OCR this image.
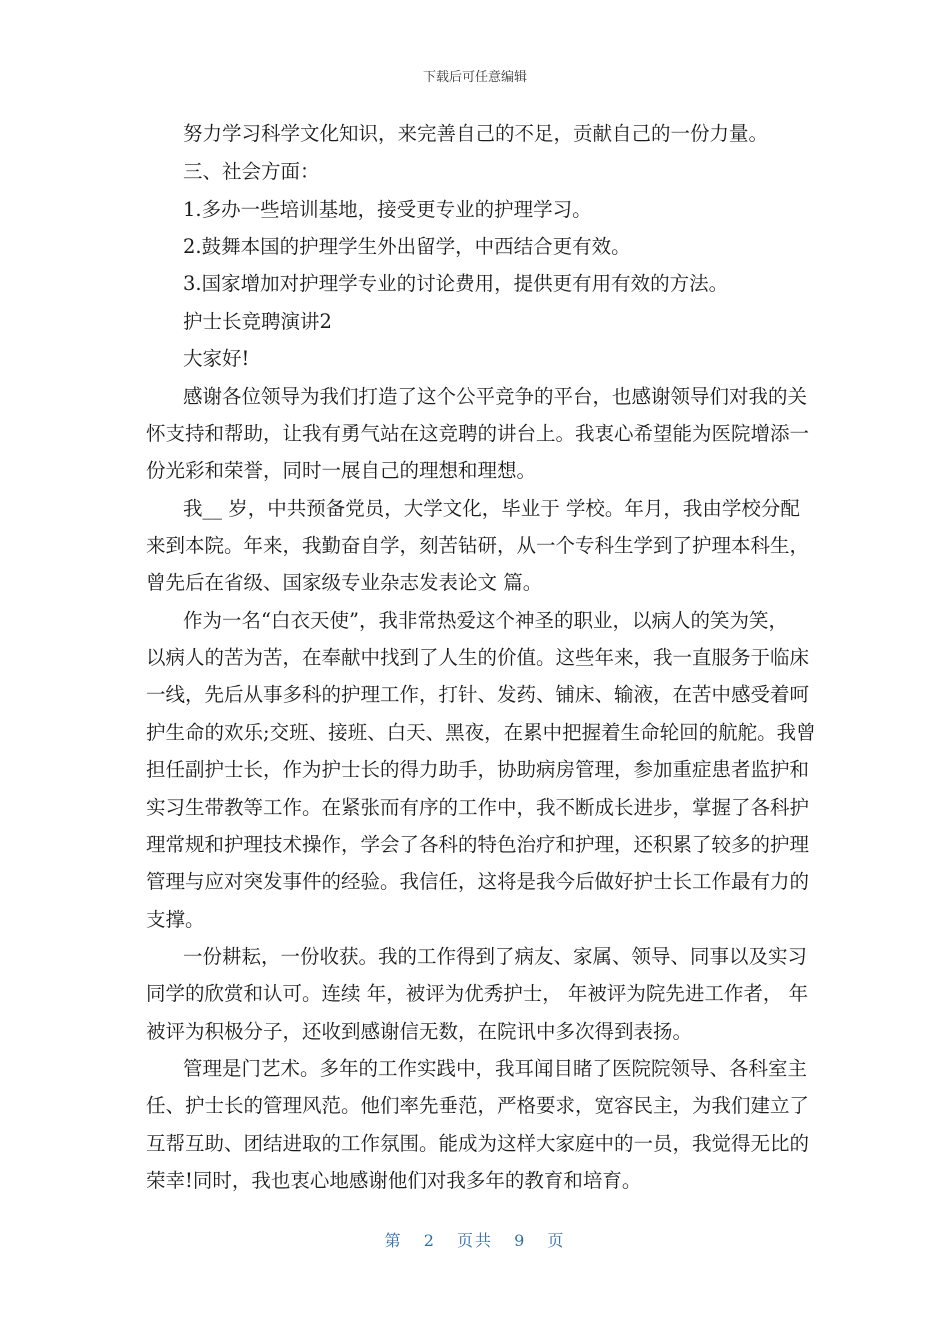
下载后可任意编辑
努力学习科学文化知识，来完善自己的不足，贡献自己的一份力量。
三、社会方面：
1.多办一些培训基地，接受更专业的护理学习。
2.鼓舞本国的护理学生外出留学，中西结合更有效。
3.国家增加对护理学专业的讨论费用，提供更有用有效的方法。
护士长竞聘演讲2
大家好!
感谢各位领导为我们打造了这个公平竞争的平台，也感谢领导们对我的关
怀支持和帮助，让我有勇气站在这竞聘的讲台上。我衷心希望能为医院增添一
份光彩和荣誉，同时一展自己的理想和理想。
我__ 岁，中共预备党员，大学文化，毕业于 学校。年月，我由学校分配
来到本院。年来，我勤奋自学，刻苦钻研，从一个专科生学到了护理本科生，
曾先后在省级、国家级专业杂志发表论文 篇。
作为一名“白衣天使”，我非常热爱这个神圣的职业，以病人的笑为笑，
以病人的苦为苦，在奉献中找到了人生的价值。这些年来，我一直服务于临床
一线，先后从事多科的护理工作，打针、发药、铺床、输液，在苦中感受着呵
护生命的欢乐;交班、接班、白天、黑夜，在累中把握着生命轮回的航舵。我曾
担任副护士长，作为护士长的得力助手，协助病房管理，参加重症患者监护和
实习生带教等工作。在紧张而有序的工作中，我不断成长进步，掌握了各科护
理常规和护理技术操作，学会了各科的特色治疗和护理，还积累了较多的护理
管理与应对突发事件的经验。我信任，这将是我今后做好护士长工作最有力的
支撑。
一份耕耘，一份收获。我的工作得到了病友、家属、领导、同事以及实习
同学的欣赏和认可。连续 年，被评为优秀护士， 年被评为院先进工作者， 年
被评为积极分子，还收到感谢信无数，在院讯中多次得到表扬。
管理是门艺术。多年的工作实践中，我耳闻目睹了医院院领导、各科室主
任、护士长的管理风范。他们率先垂范，严格要求，宽容民主，为我们建立了
互帮互助、团结进取的工作氛围。能成为这样大家庭中的一员，我觉得无比的
荣幸!同时，我也衷心地感谢他们对我多年的教育和培育。
第 2 页共 9 页
